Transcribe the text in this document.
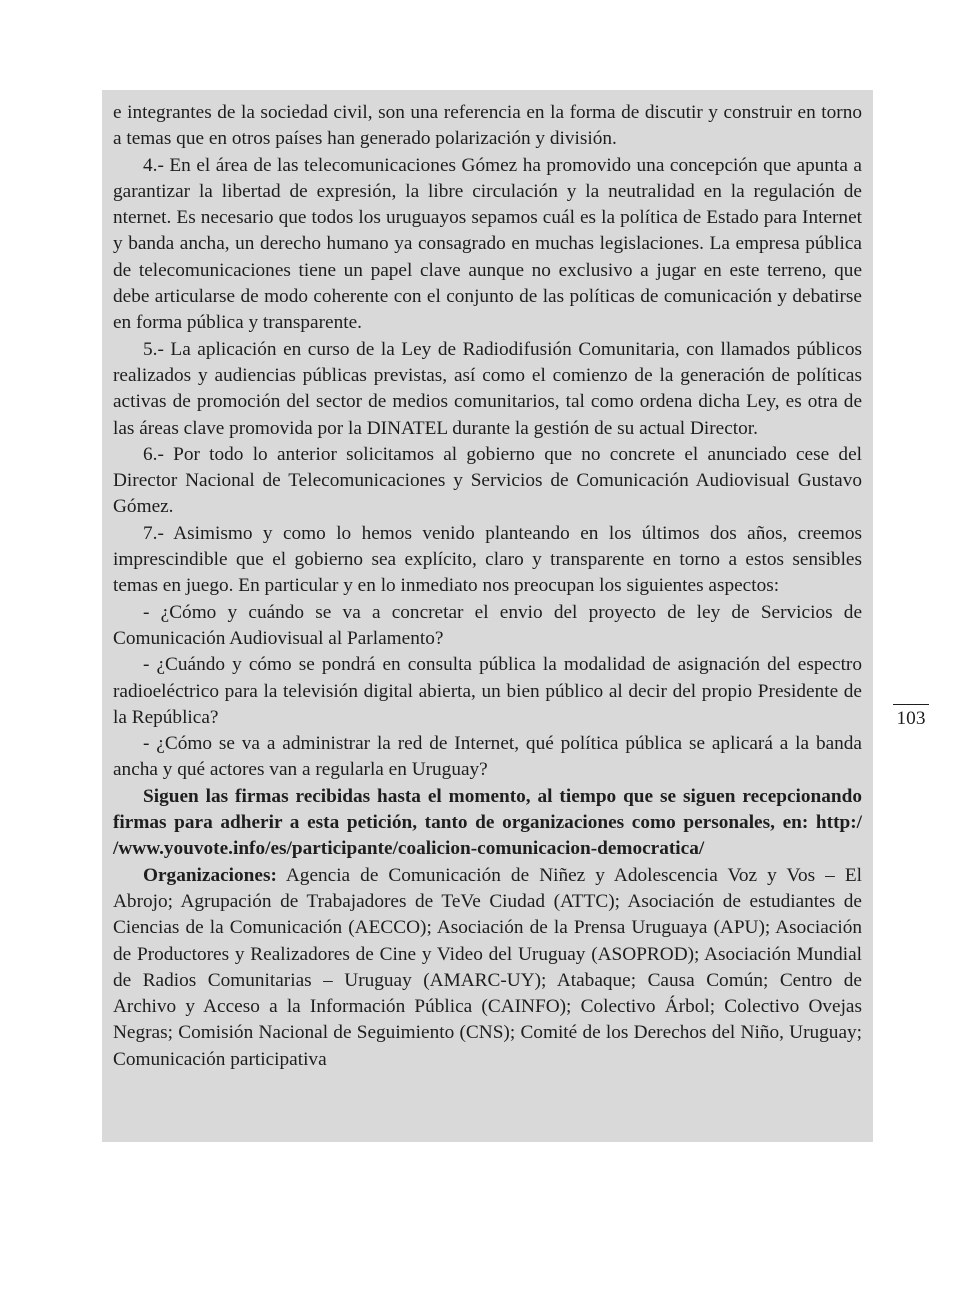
e integrantes de la sociedad civil, son una referencia en la forma de discutir y construir en torno a temas que en otros países han generado polarización y división.

4.- En el área de las telecomunicaciones Gómez ha promovido una concepción que apunta a garantizar la libertad de expresión, la libre circulación y la neutralidad en la regulación de nternet. Es necesario que todos los uruguayos sepamos cuál es la política de Estado para Internet y banda ancha, un derecho humano ya consagrado en muchas legislaciones. La empresa pública de telecomunicaciones tiene un papel clave aunque no exclusivo a jugar en este terreno, que debe articularse de modo coherente con el conjunto de las políticas de comunicación y debatirse en forma pública y transparente.

5.- La aplicación en curso de la Ley de Radiodifusión Comunitaria, con llamados públicos realizados y audiencias públicas previstas, así como el comienzo de la generación de políticas activas de promoción del sector de medios comunitarios, tal como ordena dicha Ley, es otra de las áreas clave promovida por la DINATEL durante la gestión de su actual Director.

6.- Por todo lo anterior solicitamos al gobierno que no concrete el anunciado cese del Director Nacional de Telecomunicaciones y Servicios de Comunicación Audiovisual Gustavo Gómez.

7.- Asimismo y como lo hemos venido planteando en los últimos dos años, creemos imprescindible que el gobierno sea explícito, claro y transparente en torno a estos sensibles temas en juego. En particular y en lo inmediato nos preocupan los siguientes aspectos:

- ¿Cómo y cuándo se va a concretar el envio del proyecto de ley de Servicios de Comunicación Audiovisual al Parlamento?

- ¿Cuándo y cómo se pondrá en consulta pública la modalidad de asignación del espectro radioeléctrico para la televisión digital abierta, un bien público al decir del propio Presidente de la República?

- ¿Cómo se va a administrar la red de Internet, qué política pública se aplicará a la banda ancha y qué actores van a regularla en Uruguay?

Siguen las firmas recibidas hasta el momento, al tiempo que se siguen recepcionando firmas para adherir a esta petición, tanto de organizaciones como personales, en: http:/ /www.youvote.info/es/participante/coalicion-comunicacion-democratica/

Organizaciones: Agencia de Comunicación de Niñez y Adolescencia Voz y Vos – El Abrojo; Agrupación de Trabajadores de TeVe Ciudad (ATTC); Asociación de estudiantes de Ciencias de la Comunicación (AECCO); Asociación de la Prensa Uruguaya (APU); Asociación de Productores y Realizadores de Cine y Video del Uruguay (ASOPROD); Asociación Mundial de Radios Comunitarias – Uruguay (AMARC-UY); Atabaque; Causa Común; Centro de Archivo y Acceso a la Información Pública (CAINFO); Colectivo Árbol; Colectivo Ovejas Negras; Comisión Nacional de Seguimiento (CNS); Comité de los Derechos del Niño, Uruguay; Comunicación participativa

103
